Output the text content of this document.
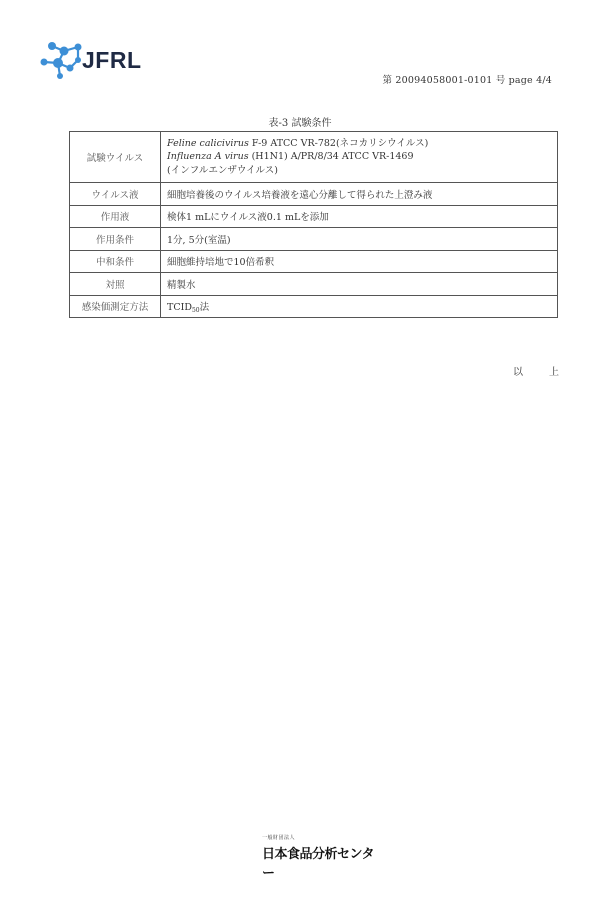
JFRL
第 20094058001-0101 号 page 4/4
表-3 試験条件
試験ウイルス	Feline calicivirus F-9 ATCC VR-782(ネコカリシウイルス)
Influenza A virus (H1N1) A/PR/8/34 ATCC VR-1469
(インフルエンザウイルス)

ウイルス液	細胞培養後のウイルス培養液を遠心分離して得られた上澄み液
作用液	検体1 mLにウイルス液0.1 mLを添加
作用条件	1分, 5分(室温)
中和条件	細胞維持培地で10倍希釈
対照	精製水
感染価測定方法	$TCID_{50}$法
以	上
一般財団法人
日本食品分析センター
